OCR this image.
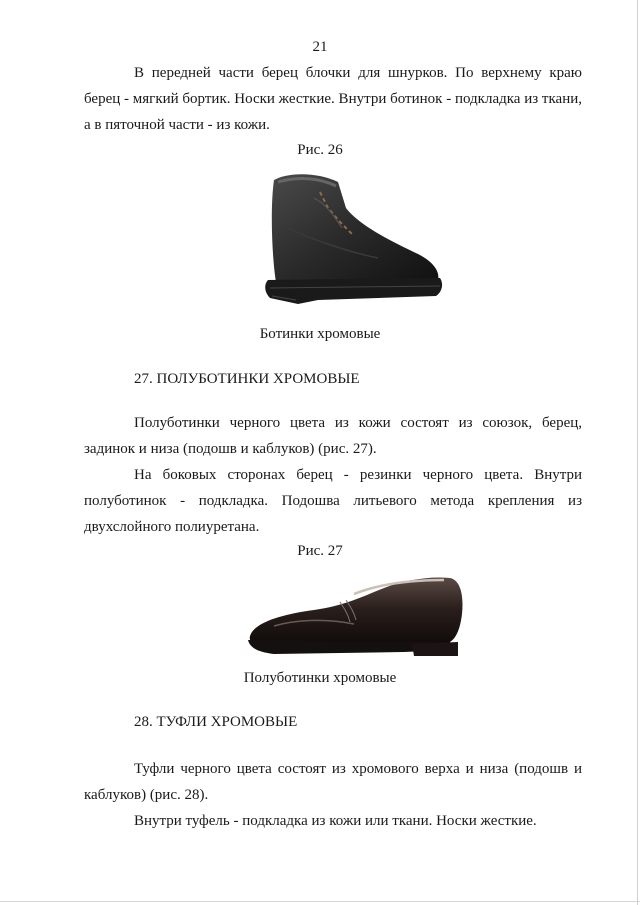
21

В передней части берец блочки для шнурков. По верхнему краю берец - мягкий бортик. Носки жесткие. Внутри ботинок - подкладка из ткани, а в пяточной части - из кожи.

Рис. 26

Ботинки хромовые

27. ПОЛУБОТИНКИ ХРОМОВЫЕ

Полуботинки черного цвета из кожи состоят из союзок, берец, задинок и низа (подошв и каблуков) (рис. 27).

На боковых сторонах берец - резинки черного цвета. Внутри полуботинок - подкладка. Подошва литьевого метода крепления из двухслойного полиуретана.

Рис. 27

Полуботинки хромовые

28. ТУФЛИ ХРОМОВЫЕ

Туфли черного цвета состоят из хромового верха и низа (подошв и каблуков) (рис. 28).

Внутри туфель - подкладка из кожи или ткани. Носки жесткие.
